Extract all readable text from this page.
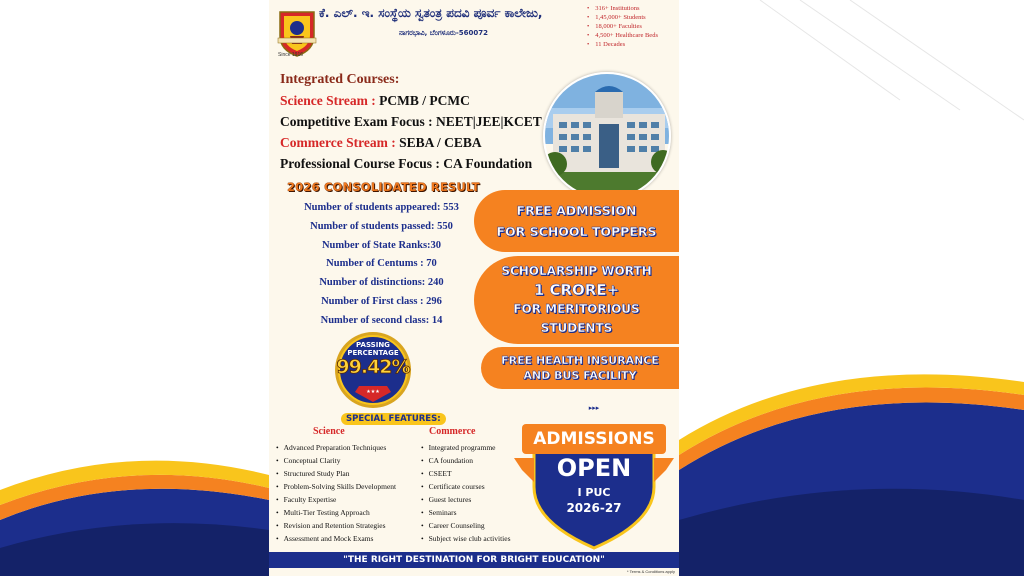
Since 1916
ಕೆ. ಎಲ್. ಇ. ಸಂಸ್ಥೆಯ ಸ್ವತಂತ್ರ ಪದವಿ ಪೂರ್ವ ಕಾಲೇಜು,
ನಾಗರಭಾವಿ, ಬೆಂಗಳೂರು-560072
• 316+ Institutions
• 1,45,000+ Students
• 18,000+ Faculties
• 4,500+ Healthcare Beds
• 11 Decades
Integrated Courses:
Science Stream : PCMB / PCMC
Competitive Exam Focus : NEET|JEE|KCET
Commerce Stream : SEBA / CEBA
Professional Course Focus : CA Foundation
2026 CONSOLIDATED RESULT
Number of students appeared: 553
Number of students passed: 550
Number of State Ranks:30
Number of Centums : 70
Number of distinctions: 240
Number of First class : 296
Number of second class: 14
★★★
PASSING
PERCENTAGE
99.42%
FREE ADMISSION
FOR SCHOOL TOPPERS
SCHOLARSHIP WORTH
1 CRORE+
FOR MERITORIOUS
STUDENTS
FREE HEALTH INSURANCE
AND BUS FACILITY
SPECIAL FEATURES:
Science	Commerce
• Advanced Preparation Techniques
• Conceptual Clarity
• Structured Study Plan
• Problem-Solving Skills Development
• Faculty Expertise
• Multi-Tier Testing Approach
• Revision and Retention Strategies
• Assessment and Mock Exams
• Integrated programme
• CA foundation
• CSEET
• Certificate courses
• Guest lectures
• Seminars
• Career Counseling
• Subject wise club activities
▸▸▸
ADMISSIONS
OPEN
I PUC
2026-27
"THE RIGHT DESTINATION FOR BRIGHT EDUCATION"
* Terms & Conditions apply
